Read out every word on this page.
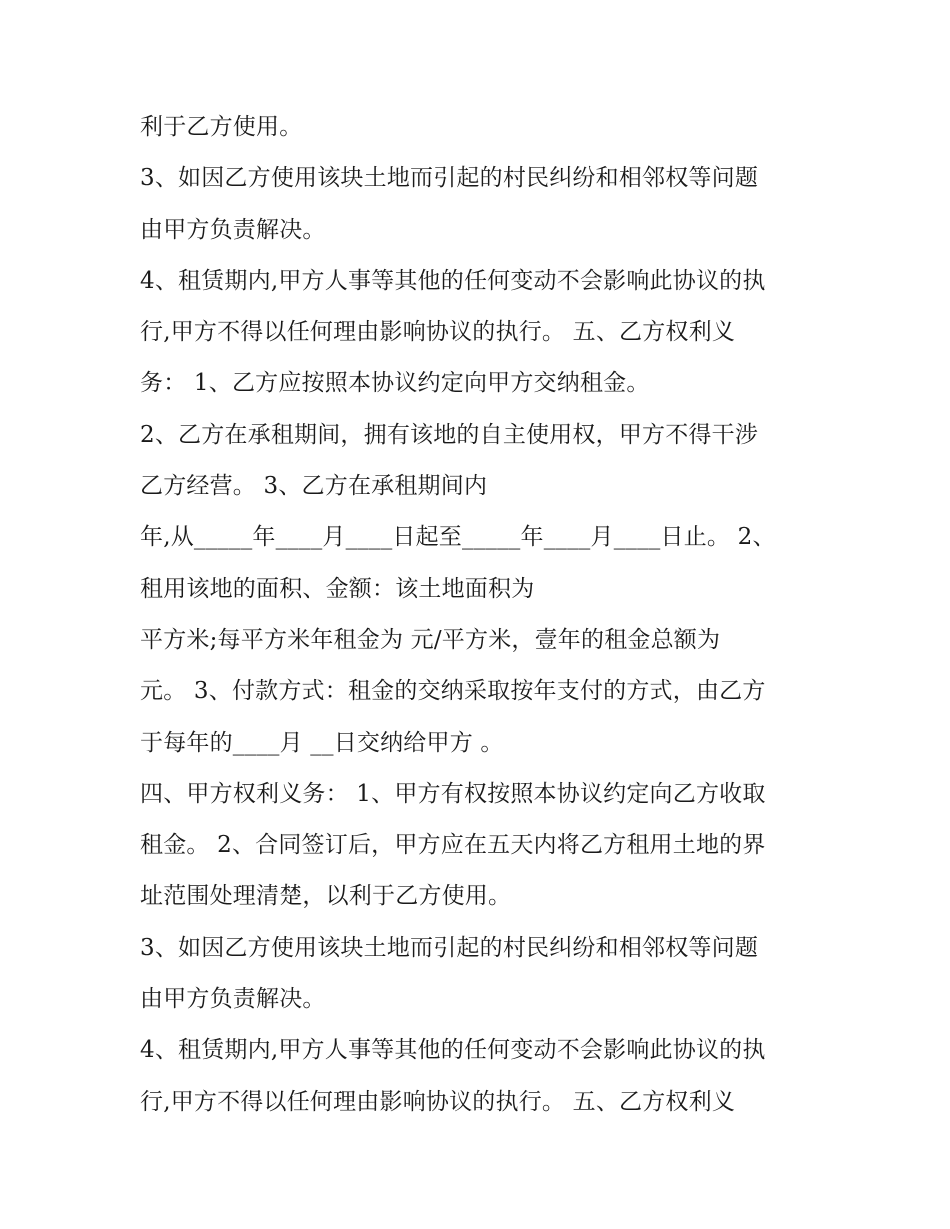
利于乙方使用。
3、如因乙方使用该块土地而引起的村民纠纷和相邻权等问题
由甲方负责解决。
4、租赁期内,甲方人事等其他的任何变动不会影响此协议的执
行,甲方不得以任何理由影响协议的执行。 五、乙方权利义
务： 1、乙方应按照本协议约定向甲方交纳租金。
2、乙方在承租期间，拥有该地的自主使用权，甲方不得干涉
乙方经营。 3、乙方在承租期间内
年,从_____年____月____日起至_____年____月____日止。 2、
租用该地的面积、金额：该土地面积为
平方米;每平方米年租金为 元/平方米，壹年的租金总额为
元。 3、付款方式：租金的交纳采取按年支付的方式，由乙方
于每年的____月 __日交纳给甲方 。
四、甲方权利义务： 1、甲方有权按照本协议约定向乙方收取
租金。 2、合同签订后，甲方应在五天内将乙方租用土地的界
址范围处理清楚，以利于乙方使用。
3、如因乙方使用该块土地而引起的村民纠纷和相邻权等问题
由甲方负责解决。
4、租赁期内,甲方人事等其他的任何变动不会影响此协议的执
行,甲方不得以任何理由影响协议的执行。 五、乙方权利义
